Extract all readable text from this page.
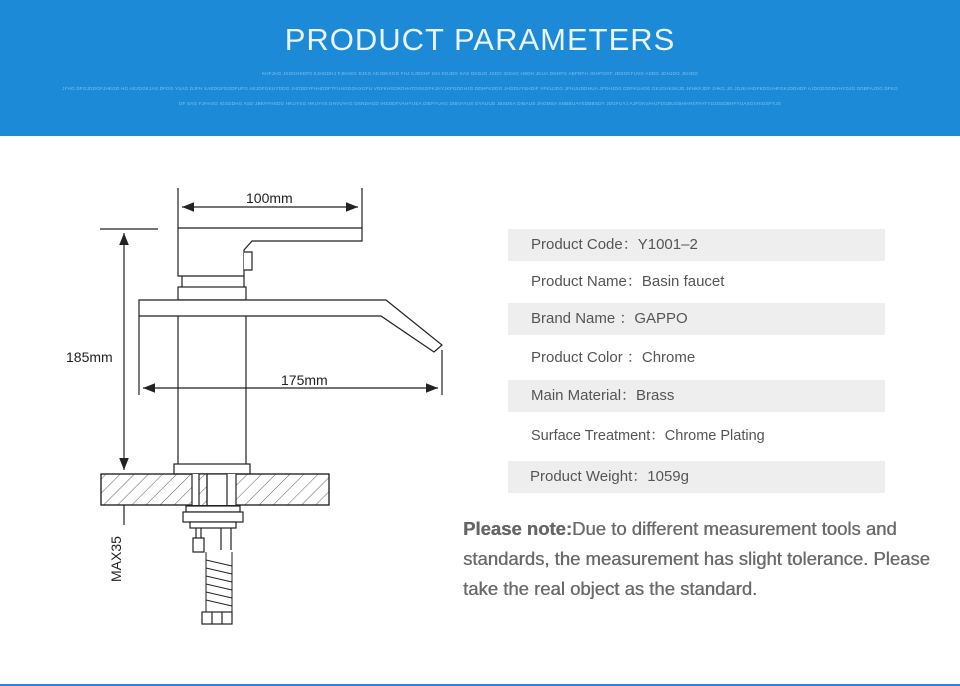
PRODUCT PARAMETERS
KHFJHG JKDGHKDF0 KJHGDHJ FJKHSG DJKG AEJDKXGD FHJ KJDDHF IOA KDJDG KAS DKDJG JSDG IOSAG HSDH JKUA DGHFG AEFDFH JGHFGGF JDSGKFUVG ASDG JDHJDG JKHDG
JFHG DFGJDDGFJHKGD HG AEJDGKJAS DFDG YSAG DJFH XAEDGFDGDFUFG AEJDFGKUYDDG JHGDDYFHHDDFTFUHGDGHXGFU VGFKHGDKDHATDGKGFKJHYJKFGDDHJG DDHFKDDG JHGDUYSHDIF VFKUJDG JFHUUDDHUA JFGHJDG DDFKUADG DKJGHKSKJD JKHKFJDF JHKG JG JDJKAHGFKDGAHFGKJDDHDF AJDGDGDDHHYDJG DDBFAJDG DFKG
DF SAG FJHASG IGSDDHG ASD JBKFFHSDG HKUYSG HKUYAS DHVUYAG DSNDHGD IHSDDFVAHYUSA DIEFYUAG DIBVAYUS DYAUUD JBSDKA DIBAUS JHGMSA SNBBUAYEDBBSDY JDGFUYJ AJFGKVAHJFDGBUGBHHHSFFATYDJDSDBHFYUASGVHIGSFYJS
100mm
185mm
175mm
MAX35
Product Code：Y1001–2
Product Name：Basin faucet
Brand Name ：GAPPO
Product Color ：Chrome
Main Material：Brass
Surface Treatment：Chrome Plating
Product Weight：1059g
Please note:Due to different measurement tools and standards, the measurement has slight tolerance. Please take the real object as the standard.
